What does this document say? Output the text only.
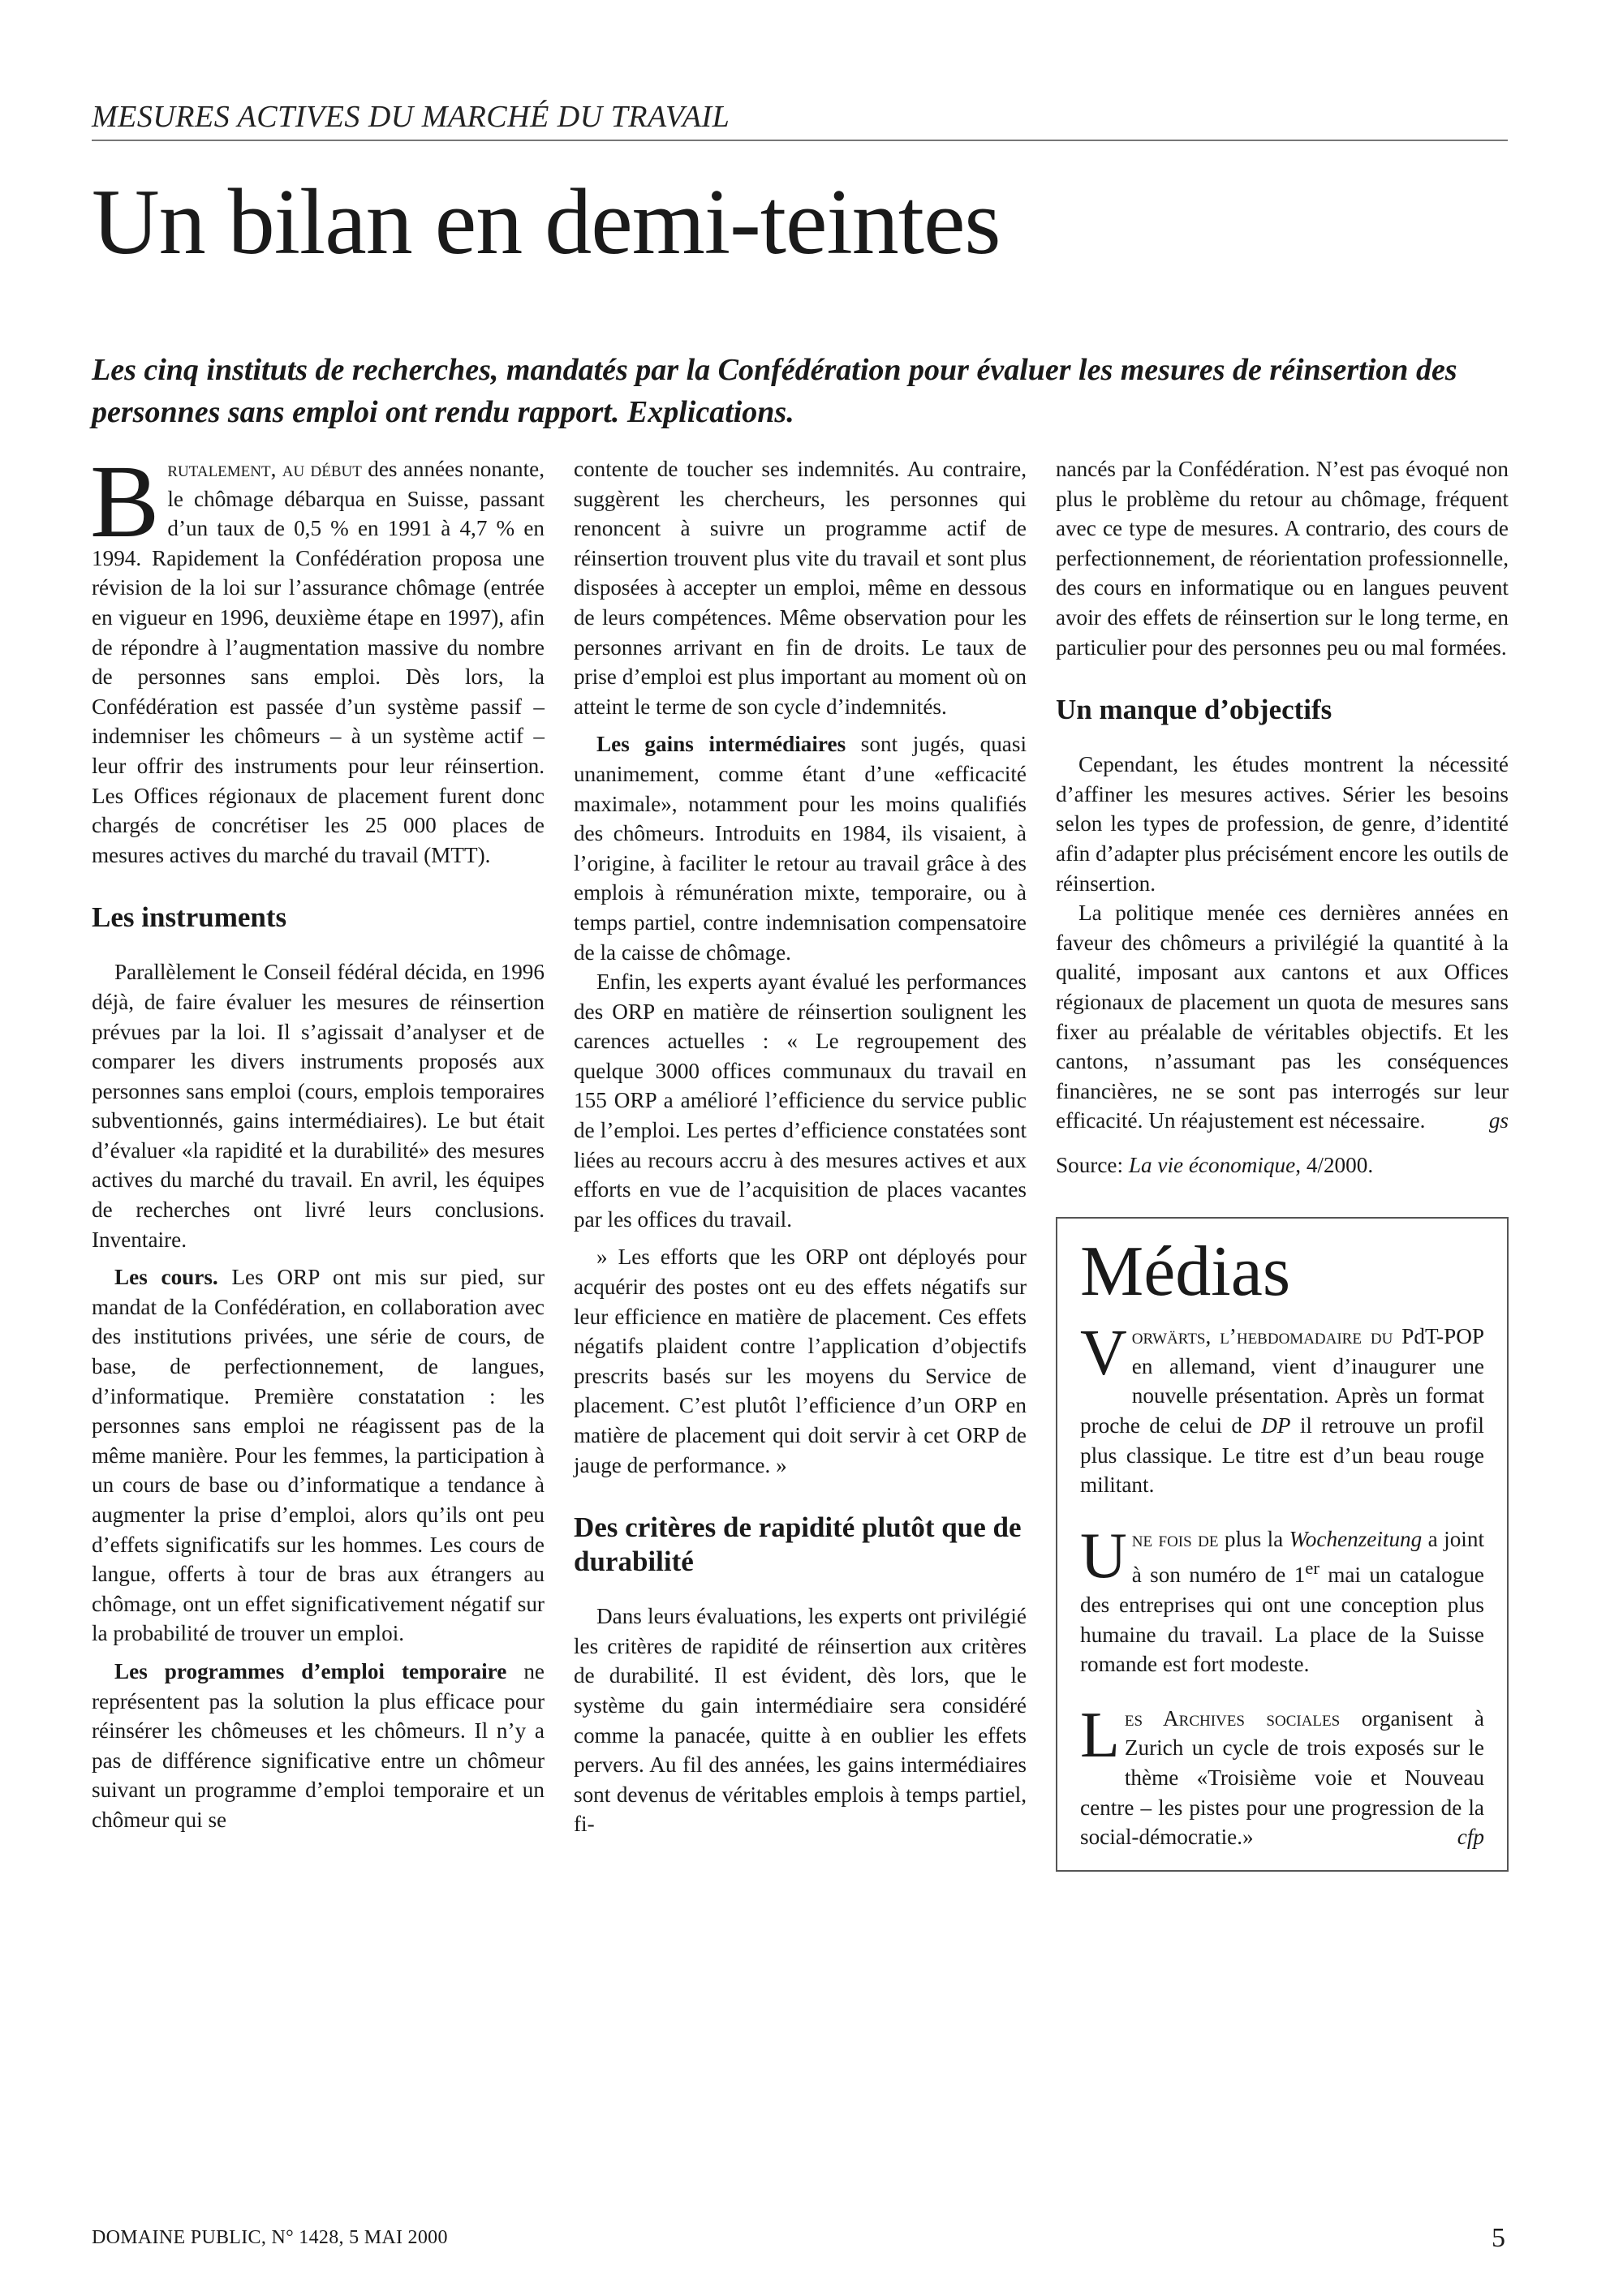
MESURES ACTIVES DU MARCHÉ DU TRAVAIL
Un bilan en demi-teintes

Les cinq instituts de recherches, mandatés par la Confédération pour évaluer les mesures de réinsertion des personnes sans emploi ont rendu rapport. Explications.

Brutalement, au début des années nonante, le chômage débarqua en Suisse, passant d’un taux de 0,5 % en 1991 à 4,7 % en 1994. Rapidement la Confédération proposa une révision de la loi sur l’assurance chômage (entrée en vigueur en 1996, deuxième étape en 1997), afin de répondre à l’augmentation massive du nombre de personnes sans emploi. Dès lors, la Confédération est passée d’un système passif – indemniser les chômeurs – à un système actif – leur offrir des instruments pour leur réinsertion. Les Offices régionaux de placement furent donc chargés de concrétiser les 25 000 places de mesures actives du marché du travail (MTT).

Les instruments

Parallèlement le Conseil fédéral décida, en 1996 déjà, de faire évaluer les mesures de réinsertion prévues par la loi. Il s’agissait d’analyser et de comparer les divers instruments proposés aux personnes sans emploi (cours, emplois temporaires subventionnés, gains intermédiaires). Le but était d’évaluer «la rapidité et la durabilité» des mesures actives du marché du travail. En avril, les équipes de recherches ont livré leurs conclusions. Inventaire.

Les cours. Les ORP ont mis sur pied, sur mandat de la Confédération, en collaboration avec des institutions privées, une série de cours, de base, de perfectionnement, de langues, d’informatique. Première constatation : les personnes sans emploi ne réagissent pas de la même manière. Pour les femmes, la participation à un cours de base ou d’informatique a tendance à augmenter la prise d’emploi, alors qu’ils ont peu d’effets significatifs sur les hommes. Les cours de langue, offerts à tour de bras aux étrangers au chômage, ont un effet significativement négatif sur la probabilité de trouver un emploi.

Les programmes d’emploi temporaire ne représentent pas la solution la plus efficace pour réinsérer les chômeuses et les chômeurs. Il n’y a pas de différence significative entre un chômeur suivant un programme d’emploi temporaire et un chômeur qui se

contente de toucher ses indemnités. Au contraire, suggèrent les chercheurs, les personnes qui renoncent à suivre un programme actif de réinsertion trouvent plus vite du travail et sont plus disposées à accepter un emploi, même en dessous de leurs compétences. Même observation pour les personnes arrivant en fin de droits. Le taux de prise d’emploi est plus important au moment où on atteint le terme de son cycle d’indemnités.

Les gains intermédiaires sont jugés, quasi unanimement, comme étant d’une «efficacité maximale», notamment pour les moins qualifiés des chômeurs. Introduits en 1984, ils visaient, à l’origine, à faciliter le retour au travail grâce à des emplois à rémunération mixte, temporaire, ou à temps partiel, contre indemnisation compensatoire de la caisse de chômage.

Enfin, les experts ayant évalué les performances des ORP en matière de réinsertion soulignent les carences actuelles : « Le regroupement des quelque 3000 offices communaux du travail en 155 ORP a amélioré l’efficience du service public de l’emploi. Les pertes d’efficience constatées sont liées au recours accru à des mesures actives et aux efforts en vue de l’acquisition de places vacantes par les offices du travail.

» Les efforts que les ORP ont déployés pour acquérir des postes ont eu des effets négatifs sur leur efficience en matière de placement. Ces effets négatifs plaident contre l’application d’objectifs prescrits basés sur les moyens du Service de placement. C’est plutôt l’efficience d’un ORP en matière de placement qui doit servir à cet ORP de jauge de performance. »

Des critères de rapidité plutôt que de durabilité

Dans leurs évaluations, les experts ont privilégié les critères de rapidité de réinsertion aux critères de durabilité. Il est évident, dès lors, que le système du gain intermédiaire sera considéré comme la panacée, quitte à en oublier les effets pervers. Au fil des années, les gains intermédiaires sont devenus de véritables emplois à temps partiel, fi-

nancés par la Confédération. N’est pas évoqué non plus le problème du retour au chômage, fréquent avec ce type de mesures. A contrario, des cours de perfectionnement, de réorientation professionnelle, des cours en informatique ou en langues peuvent avoir des effets de réinsertion sur le long terme, en particulier pour des personnes peu ou mal formées.

Un manque d’objectifs

Cependant, les études montrent la nécessité d’affiner les mesures actives. Sérier les besoins selon les types de profession, de genre, d’identité afin d’adapter plus précisément encore les outils de réinsertion.

La politique menée ces dernières années en faveur des chômeurs a privilégié la quantité à la qualité, imposant aux cantons et aux Offices régionaux de placement un quota de mesures sans fixer au préalable de véritables objectifs. Et les cantons, n’assumant pas les conséquences financières, ne se sont pas interrogés sur leur efficacité. Un réajustement est nécessaire.	gs

Source: La vie économique, 4/2000.

Médias

Vorwärts, l’hebdomadaire du PdT-POP en allemand, vient d’inaugurer une nouvelle présentation. Après un format proche de celui de DP il retrouve un profil plus classique. Le titre est d’un beau rouge militant.

Une fois de plus la Wochenzeitung a joint à son numéro de 1er mai un catalogue des entreprises qui ont une conception plus humaine du travail. La place de la Suisse romande est fort modeste.

Les Archives sociales organisent à Zurich un cycle de trois exposés sur le thème «Troisième voie et Nouveau centre – les pistes pour une progression de la social-démocratie.»	cfp

DOMAINE PUBLIC, N° 1428, 5 MAI 2000	5
